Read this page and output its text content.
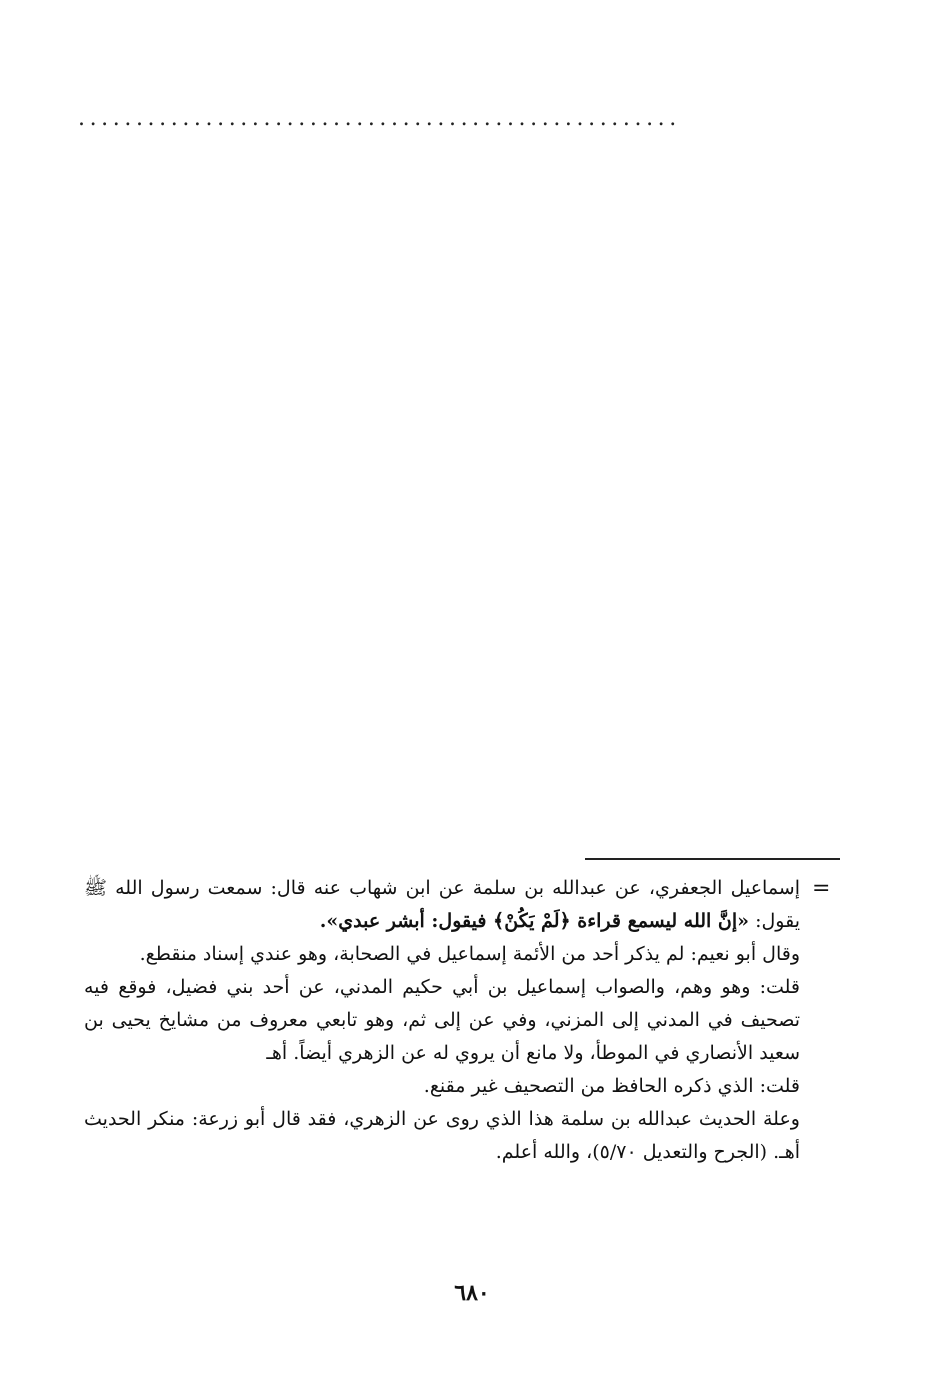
....................................................
=

إسماعيل الجعفري، عن عبدالله بن سلمة عن ابن شهاب عنه قال: سمعت رسول الله ﷺ يقول: «إنَّ الله ليسمع قراءة ﴿لَمْ يَكُنْ﴾ فيقول: أبشر عبدي».

وقال أبو نعيم: لم يذكر أحد من الأئمة إسماعيل في الصحابة، وهو عندي إسناد منقطع.

قلت: وهو وهم، والصواب إسماعيل بن أبي حكيم المدني، عن أحد بني فضيل، فوقع فيه تصحيف في المدني إلى المزني، وفي عن إلى ثم، وهو تابعي معروف من مشايخ يحيى بن سعيد الأنصاري في الموطأ، ولا مانع أن يروي له عن الزهري أيضاً. أهـ

قلت: الذي ذكره الحافظ من التصحيف غير مقنع.

وعلة الحديث عبدالله بن سلمة هذا الذي روى عن الزهري، فقد قال أبو زرعة: منكر الحديث أهـ. (الجرح والتعديل ٥/٧٠)، والله أعلم.

٦٨٠
